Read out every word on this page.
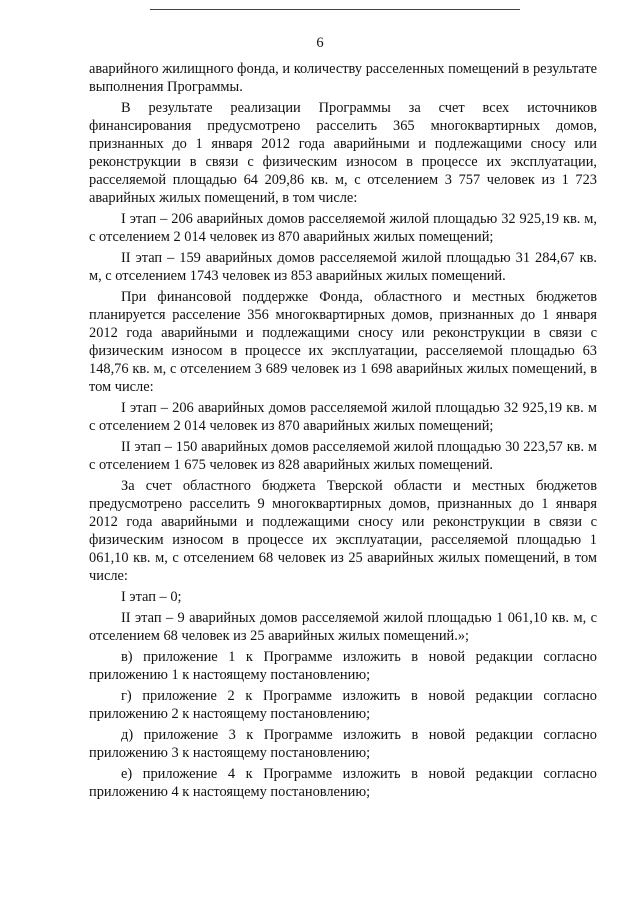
6

аварийного жилищного фонда, и количеству расселенных помещений в результате выполнения Программы.

В результате реализации Программы за счет всех источников финансирования предусмотрено расселить 365 многоквартирных домов, признанных до 1 января 2012 года аварийными и подлежащими сносу или реконструкции в связи с физическим износом в процессе их эксплуатации, расселяемой площадью 64 209,86 кв. м, с отселением 3 757 человек из 1 723 аварийных жилых помещений, в том числе:

I этап – 206 аварийных домов расселяемой жилой площадью 32 925,19 кв. м, с отселением 2 014 человек из 870 аварийных жилых помещений;

II этап – 159 аварийных домов расселяемой жилой площадью 31 284,67 кв. м, с отселением 1743 человек из 853 аварийных жилых помещений.

При финансовой поддержке Фонда, областного и местных бюджетов планируется расселение 356 многоквартирных домов, признанных до 1 января 2012 года аварийными и подлежащими сносу или реконструкции в связи с физическим износом в процессе их эксплуатации, расселяемой площадью 63 148,76 кв. м, с отселением 3 689 человек из 1 698 аварийных жилых помещений, в том числе:

I этап – 206 аварийных домов расселяемой жилой площадью 32 925,19 кв. м с отселением 2 014 человек из 870 аварийных жилых помещений;

II этап – 150 аварийных домов расселяемой жилой площадью 30 223,57 кв. м с отселением 1 675 человек из 828 аварийных жилых помещений.

За счет областного бюджета Тверской области и местных бюджетов предусмотрено расселить 9 многоквартирных домов, признанных до 1 января 2012 года аварийными и подлежащими сносу или реконструкции в связи с физическим износом в процессе их эксплуатации, расселяемой площадью 1 061,10 кв. м, с отселением 68 человек из 25 аварийных жилых помещений, в том числе:

I этап – 0;

II этап – 9 аварийных домов расселяемой жилой площадью 1 061,10 кв. м, с отселением 68 человек из 25 аварийных жилых помещений.»;

в) приложение 1 к Программе изложить в новой редакции согласно приложению 1 к настоящему постановлению;

г) приложение 2 к Программе изложить в новой редакции согласно приложению 2 к настоящему постановлению;

д) приложение 3 к Программе изложить в новой редакции согласно приложению 3 к настоящему постановлению;

е) приложение 4 к Программе изложить в новой редакции согласно приложению 4 к настоящему постановлению;
